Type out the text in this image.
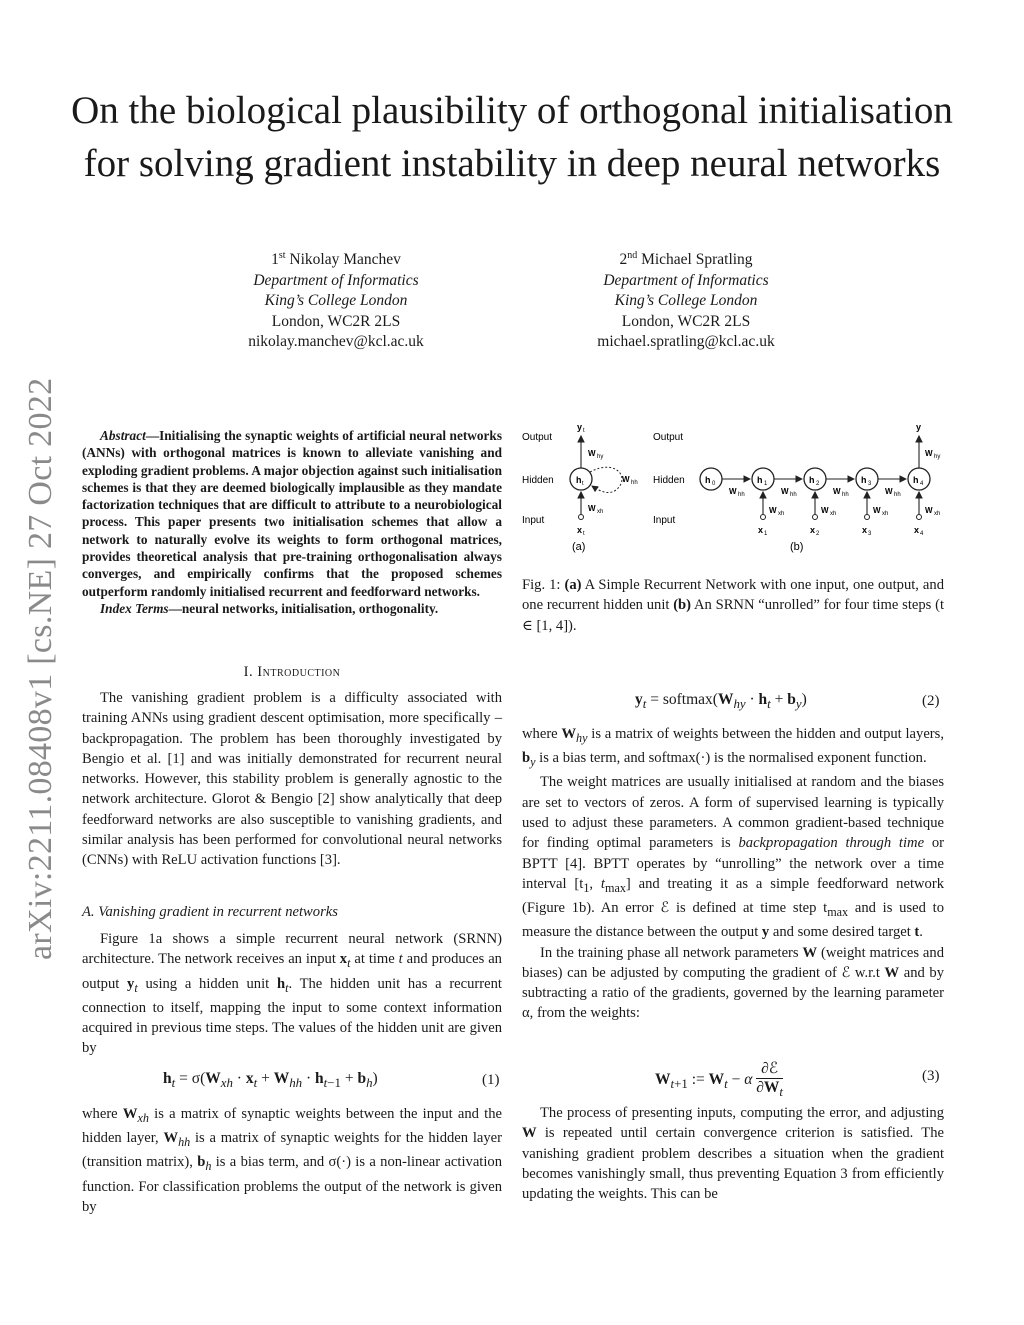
arXiv:2211.08408v1 [cs.NE] 27 Oct 2022
On the biological plausibility of orthogonal initialisation for solving gradient instability in deep neural networks
1st Nikolay Manchev
Department of Informatics
King’s College London
London, WC2R 2LS
nikolay.manchev@kcl.ac.uk
2nd Michael Spratling
Department of Informatics
King’s College London
London, WC2R 2LS
michael.spratling@kcl.ac.uk

Abstract—Initialising the synaptic weights of artificial neural networks (ANNs) with orthogonal matrices is known to alleviate vanishing and exploding gradient problems. A major objection against such initialisation schemes is that they are deemed biologically implausible as they mandate factorization techniques that are difficult to attribute to a neurobiological process. This paper presents two initialisation schemes that allow a network to naturally evolve its weights to form orthogonal matrices, provides theoretical analysis that pre-training orthogonalisation always converges, and empirically confirms that the proposed schemes outperform randomly initialised recurrent and feedforward networks.

Index Terms—neural networks, initialisation, orthogonality.

I. Introduction

The vanishing gradient problem is a difficulty associated with training ANNs using gradient descent optimisation, more specifically – backpropagation. The problem has been thoroughly investigated by Bengio et al. [1] and was initially demonstrated for recurrent neural networks. However, this stability problem is generally agnostic to the network architecture. Glorot & Bengio [2] show analytically that deep feedforward networks are also susceptible to vanishing gradients, and similar analysis has been performed for convolutional neural networks (CNNs) with ReLU activation functions [3].

A. Vanishing gradient in recurrent networks

Figure 1a shows a simple recurrent neural network (SRNN) architecture. The network receives an input $x_t$ at time t and produces an output $y_t$ using a hidden unit $h_t$. The hidden unit has a recurrent connection to itself, mapping the input to some context information acquired in previous time steps. The values of the hidden unit are given by

$h_t = \sigma(W_{xh} \cdot x_t + W_{hh} \cdot h_{t-1} + b_h)$	(1)

where $W_{xh}$ is a matrix of synaptic weights between the input and the hidden layer, $W_{hh}$ is a matrix of synaptic weights for the hidden layer (transition matrix), $b_h$ is a bias term, and σ(·) is a non-linear activation function. For classification problems the output of the network is given by

Output
Hidden
Input
h t
y t
W hy
x t
W xh
W hh
(a)
Output
Hidden
Input
h 0	h 1	h 2	h 3	h 4
W hh	W hh	W hh	W hh
W xh	W xh	W xh	W xh
x 1	x 2	x 3	x 4
y
W hy
(b)
Fig. 1: (a) A Simple Recurrent Network with one input, one output, and one recurrent hidden unit (b) An SRNN “unrolled” for four time steps (t ∈ [1, 4]).
$y_t$ = $softmax(W_{hy} \cdot h_t + b_y)$	(2)

where $W_{hy}$ is a matrix of weights between the hidden and output layers, $b_y$ is a bias term, and softmax(·) is the normalised exponent function.

The weight matrices are usually initialised at random and the biases are set to vectors of zeros. A form of supervised learning is typically used to adjust these parameters. A common gradient-based technique for finding optimal parameters is backpropagation through time or BPTT [4]. BPTT operates by “unrolling” the network over a time interval [$t_1$, $t_{max}$] and treating it as a simple feedforward network (Figure 1b). An error ℰ is defined at time step $t_{max}$ and is used to measure the distance between the output y and some desired target t.

In the training phase all network parameters W (weight matrices and biases) can be adjusted by computing the gradient of ℰ w.r.t W and by subtracting a ratio of the gradients, governed by the learning parameter α, from the weights:

$W_{t+1}$ := $W_t - \alpha$
∂ℰ
$\partial W_t$
(3)

The process of presenting inputs, computing the error, and adjusting W is repeated until certain convergence criterion is satisfied. The vanishing gradient problem describes a situation when the gradient becomes vanishingly small, thus preventing Equation 3 from efficiently updating the weights. This can be
